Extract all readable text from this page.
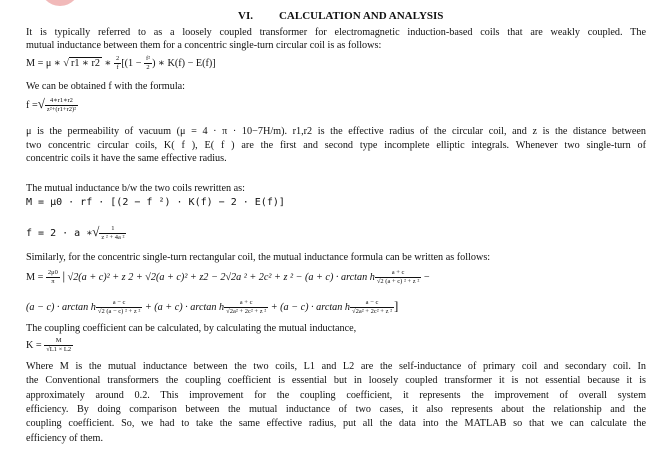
VI. CALCULATION AND ANALYSIS
It is typically referred to as a loosely coupled transformer for electromagnetic induction-based coils that are weakly coupled. The
mutual inductance between them for a concentric single-turn circular coil is as follows:
M = μ ∗ √ r1 ∗ r2 ∗ $\frac{2}{f} [(1 - \frac{\text{f²}}{2}$ ) ∗ K(f) − E(f)]
We can be obtained f with the formula:
f =√ $\frac{4∗r1∗r2}{\text{z²+(r1+r2)²}}$
μ is the permeability of vacuum (μ = 4 · π · 10−7H/m). r1,r2 is the effective radius of the circular coil, and z is the distance between
two concentric circular coils, K( f ), E( f ) are the first and second type incomplete elliptic integrals. Whenever two single-turn of
concentric coils it have the same effective radius.
The mutual inductance b/w the two coils rewritten as:
M = μ0 · rf · [(2 − f ²) · K(f) − 2 · E(f)]
f = 2 · a ∗√ $\frac{1}{\text{z ² + 4a ²}}$
Similarly, for the concentric single-turn rectangular coil, the mutual inductance formula can be written as follows:
$M = \frac{2\mu 0}{\pi}$ | √2(a + c)² + z 2 + √2(a + c)² + z2 − 2√2a ² + 2c² + z ² − (a + c) · arctan h $\frac{a + c}{\text{√2 (a + c) ² + z ²}}$ −
(a − c) · arctan h $\frac{a - c}{\text{√2 (a − c) ² + z ²}} + (a + c) \cdot \arctan h \frac{a + c}{\text{√2a² + 2c² + z ²}} + (a - c) \cdot \arctan h \frac{a - c}{\text{√2a² + 2c² + z ²}}$ ]
The coupling coefficient can be calculated, by calculating the mutual inductance,
$K = \frac{M}{√L1 \times L2}$
Where M is the mutual inductance between the two coils, L1 and L2 are the self-inductance of primary coil and secondary coil. In
the Conventional transformers the coupling coefficient is essential but in loosely coupled transformer it is not essential because it is
approximately around 0.2. This improvement for the coupling coefficient, it represents the improvement of overall system
efficiency. By doing comparison between the mutual inductance of two cases, it also represents about the relationship and the
coupling coefficient. So, we had to take the same effective radius, put all the data into the MATLAB so that we can calculate the
efficiency of them.
